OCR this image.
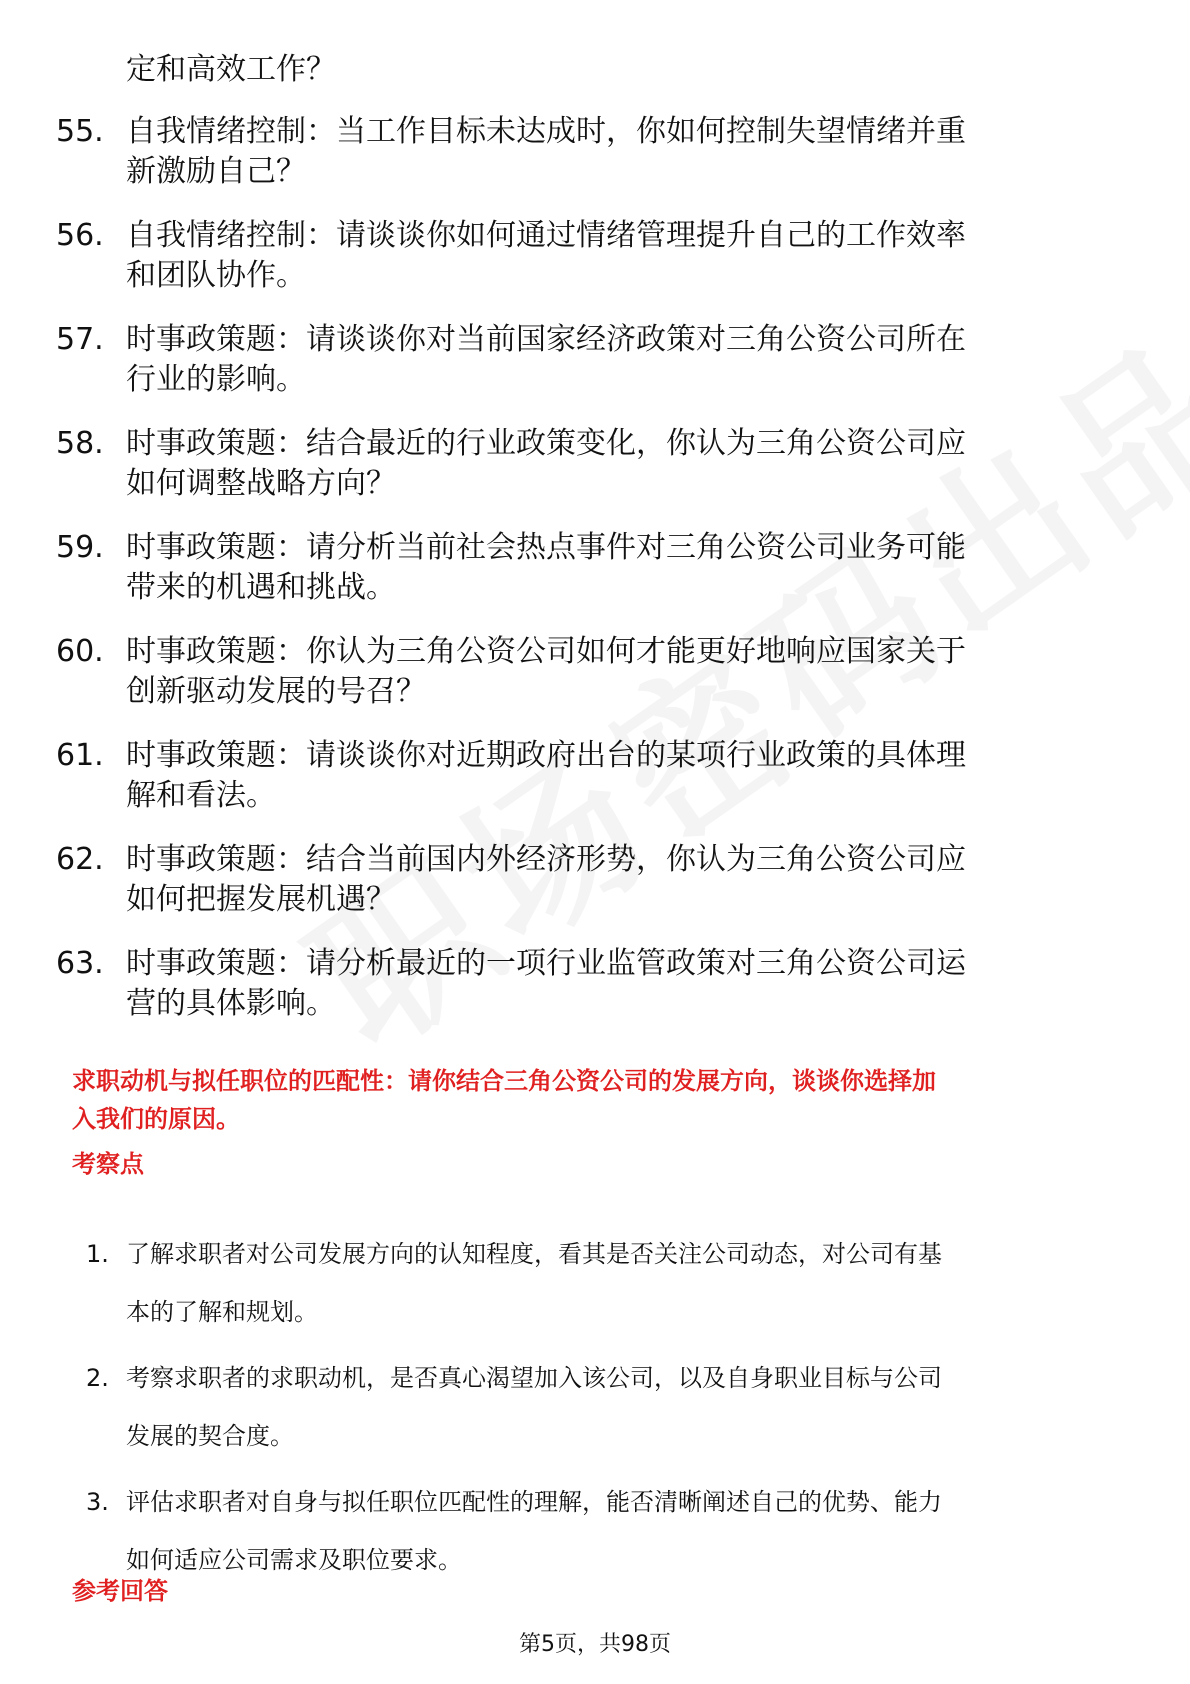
定和高效工作？
55. 自我情绪控制：当工作目标未达成时，你如何控制失望情绪并重
新激励自己？
56. 自我情绪控制：请谈谈你如何通过情绪管理提升自己的工作效率
和团队协作。
57. 时事政策题：请谈谈你对当前国家经济政策对三角公资公司所在
行业的影响。
58. 时事政策题：结合最近的行业政策变化，你认为三角公资公司应
如何调整战略方向？
59. 时事政策题：请分析当前社会热点事件对三角公资公司业务可能
带来的机遇和挑战。
60. 时事政策题：你认为三角公资公司如何才能更好地响应国家关于
创新驱动发展的号召？
61. 时事政策题：请谈谈你对近期政府出台的某项行业政策的具体理
解和看法。
62. 时事政策题：结合当前国内外经济形势，你认为三角公资公司应
如何把握发展机遇？
63. 时事政策题：请分析最近的一项行业监管政策对三角公资公司运
营的具体影响。
求职动机与拟任职位的匹配性：请你结合三角公资公司的发展方向，谈谈你选择加
入我们的原因。
考察点
1. 了解求职者对公司发展方向的认知程度，看其是否关注公司动态，对公司有基
本的了解和规划。
2. 考察求职者的求职动机，是否真心渴望加入该公司，以及自身职业目标与公司
发展的契合度。
3. 评估求职者对自身与拟任职位匹配性的理解，能否清晰阐述自己的优势、能力
如何适应公司需求及职位要求。
参考回答
第5页，共98页
